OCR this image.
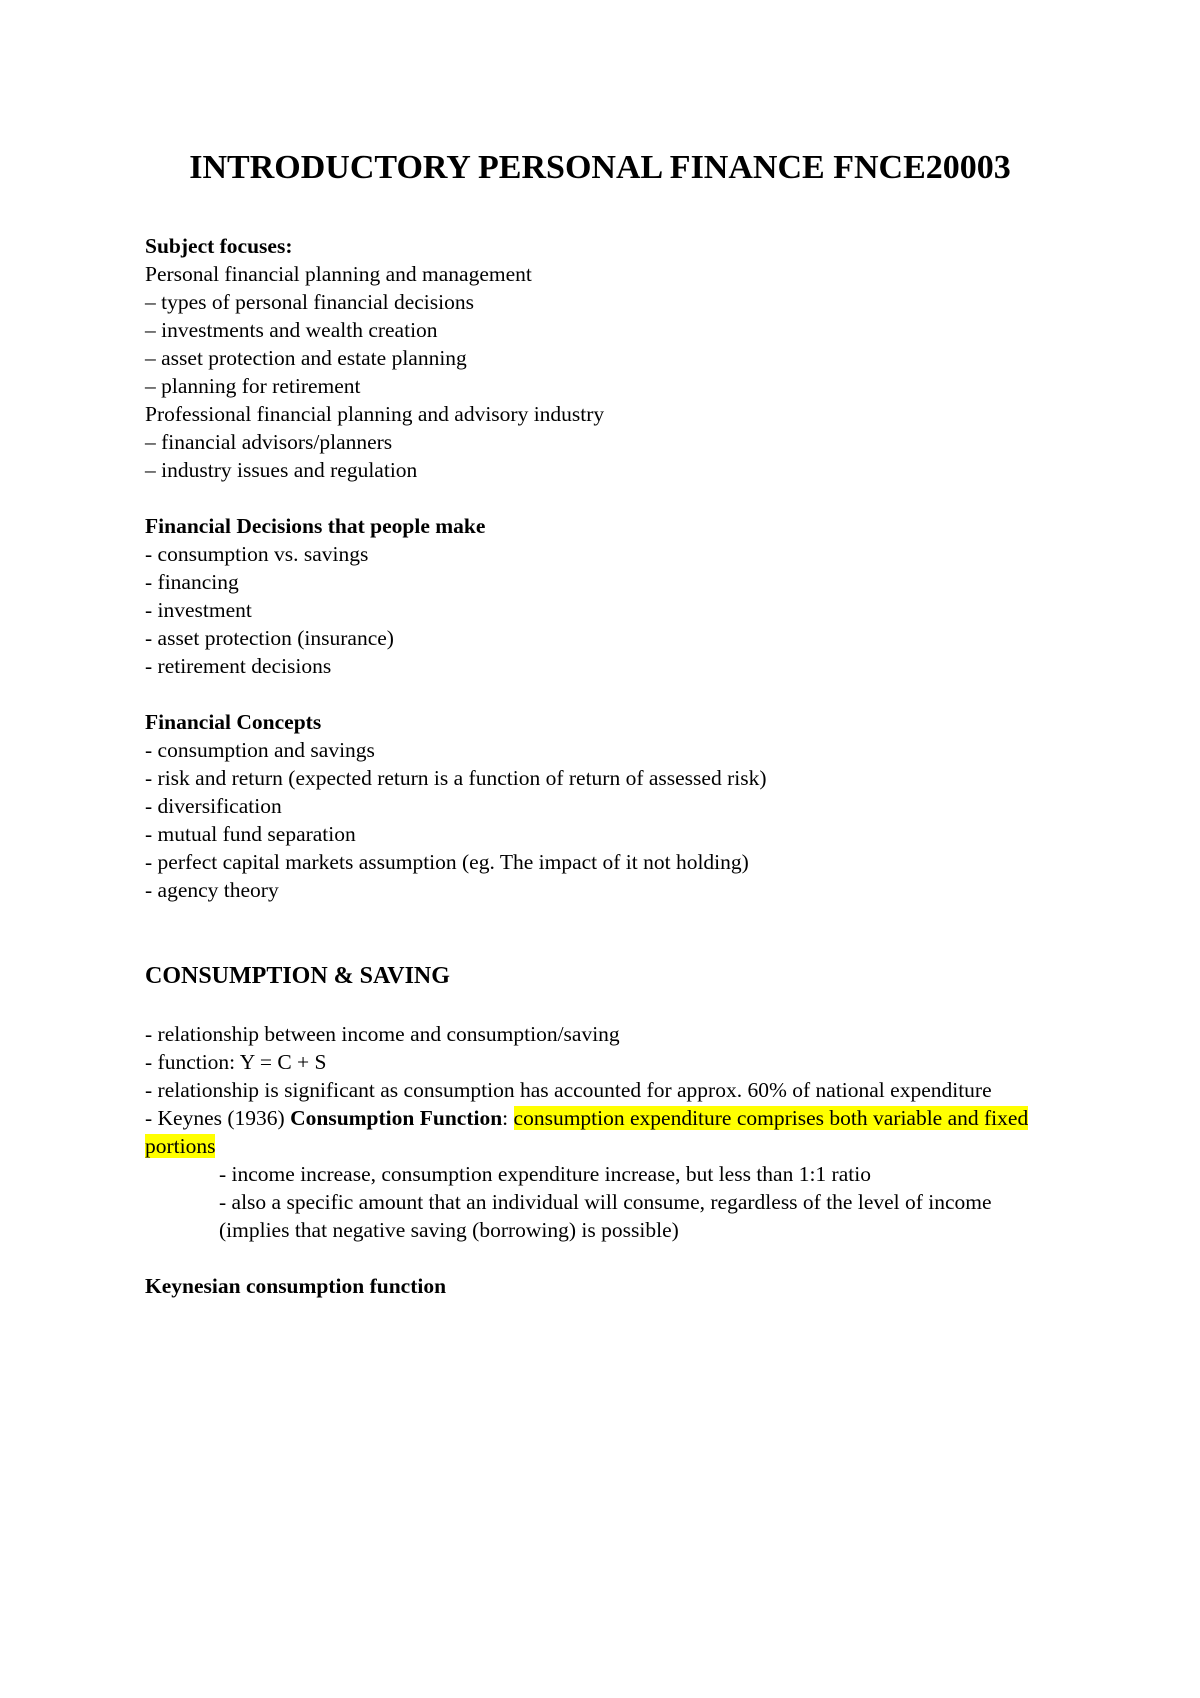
INTRODUCTORY PERSONAL FINANCE FNCE20003
Subject focuses:
Personal financial planning and management
– types of personal financial decisions
– investments and wealth creation
– asset protection and estate planning
– planning for retirement
Professional financial planning and advisory industry
– financial advisors/planners
– industry issues and regulation
Financial Decisions that people make
- consumption vs. savings
- financing
- investment
- asset protection (insurance)
- retirement decisions
Financial Concepts
- consumption and savings
- risk and return (expected return is a function of return of assessed risk)
- diversification
- mutual fund separation
- perfect capital markets assumption (eg. The impact of it not holding)
- agency theory
CONSUMPTION & SAVING
- relationship between income and consumption/saving
- function: Y = C + S
- relationship is significant as consumption has accounted for approx. 60% of national expenditure
- Keynes (1936) Consumption Function: consumption expenditure comprises both variable and fixed portions
- income increase, consumption expenditure increase, but less than 1:1 ratio
- also a specific amount that an individual will consume, regardless of the level of income (implies that negative saving (borrowing) is possible)
Keynesian consumption function
